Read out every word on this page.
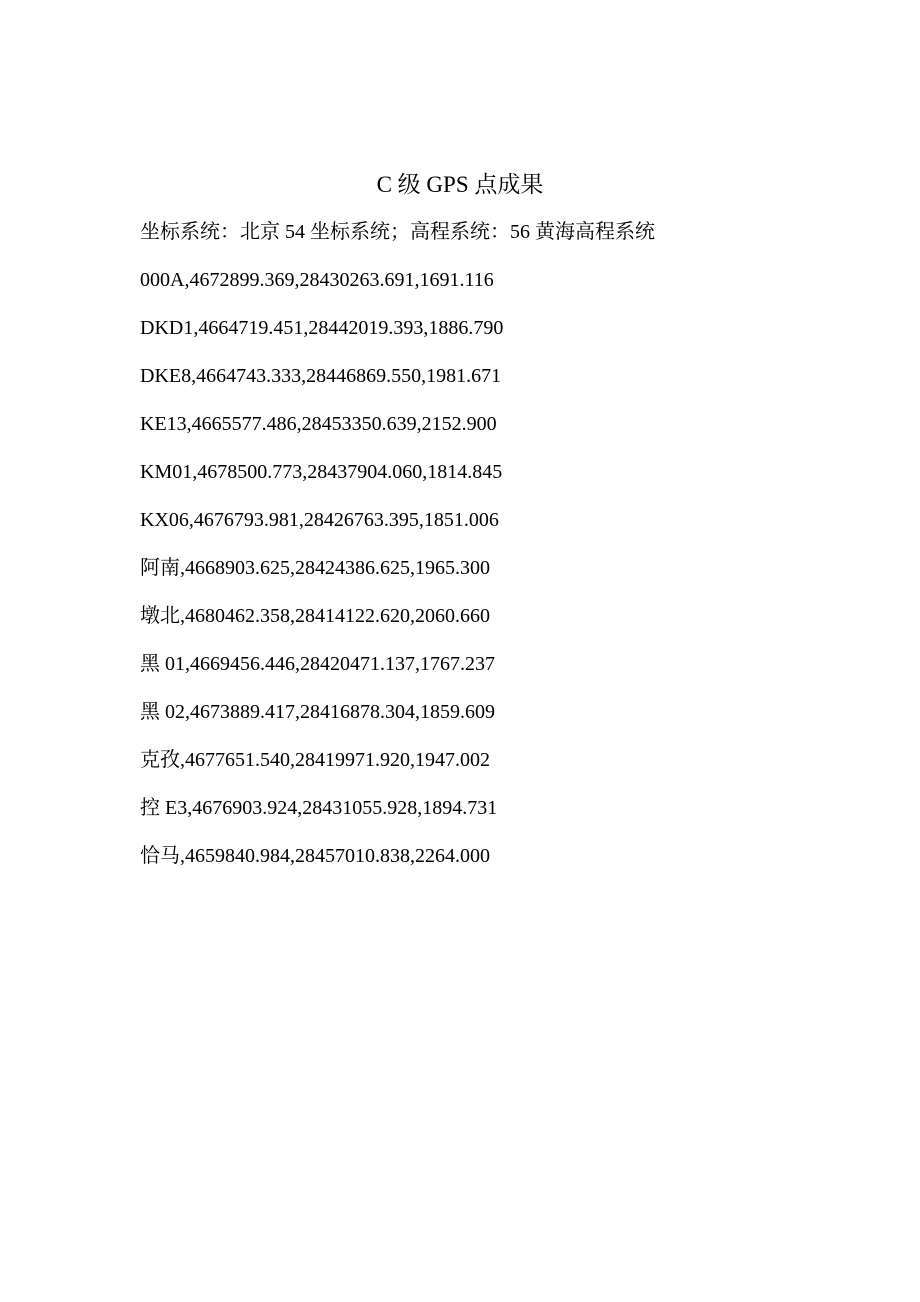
C 级 GPS 点成果
坐标系统：北京 54 坐标系统；高程系统：56 黄海高程系统
000A,4672899.369,28430263.691,1691.116
DKD1,4664719.451,28442019.393,1886.790
DKE8,4664743.333,28446869.550,1981.671
KE13,4665577.486,28453350.639,2152.900
KM01,4678500.773,28437904.060,1814.845
KX06,4676793.981,28426763.395,1851.006
阿南,4668903.625,28424386.625,1965.300
墩北,4680462.358,28414122.620,2060.660
黑 01,4669456.446,28420471.137,1767.237
黑 02,4673889.417,28416878.304,1859.609
克孜,4677651.540,28419971.920,1947.002
控 E3,4676903.924,28431055.928,1894.731
恰马,4659840.984,28457010.838,2264.000
